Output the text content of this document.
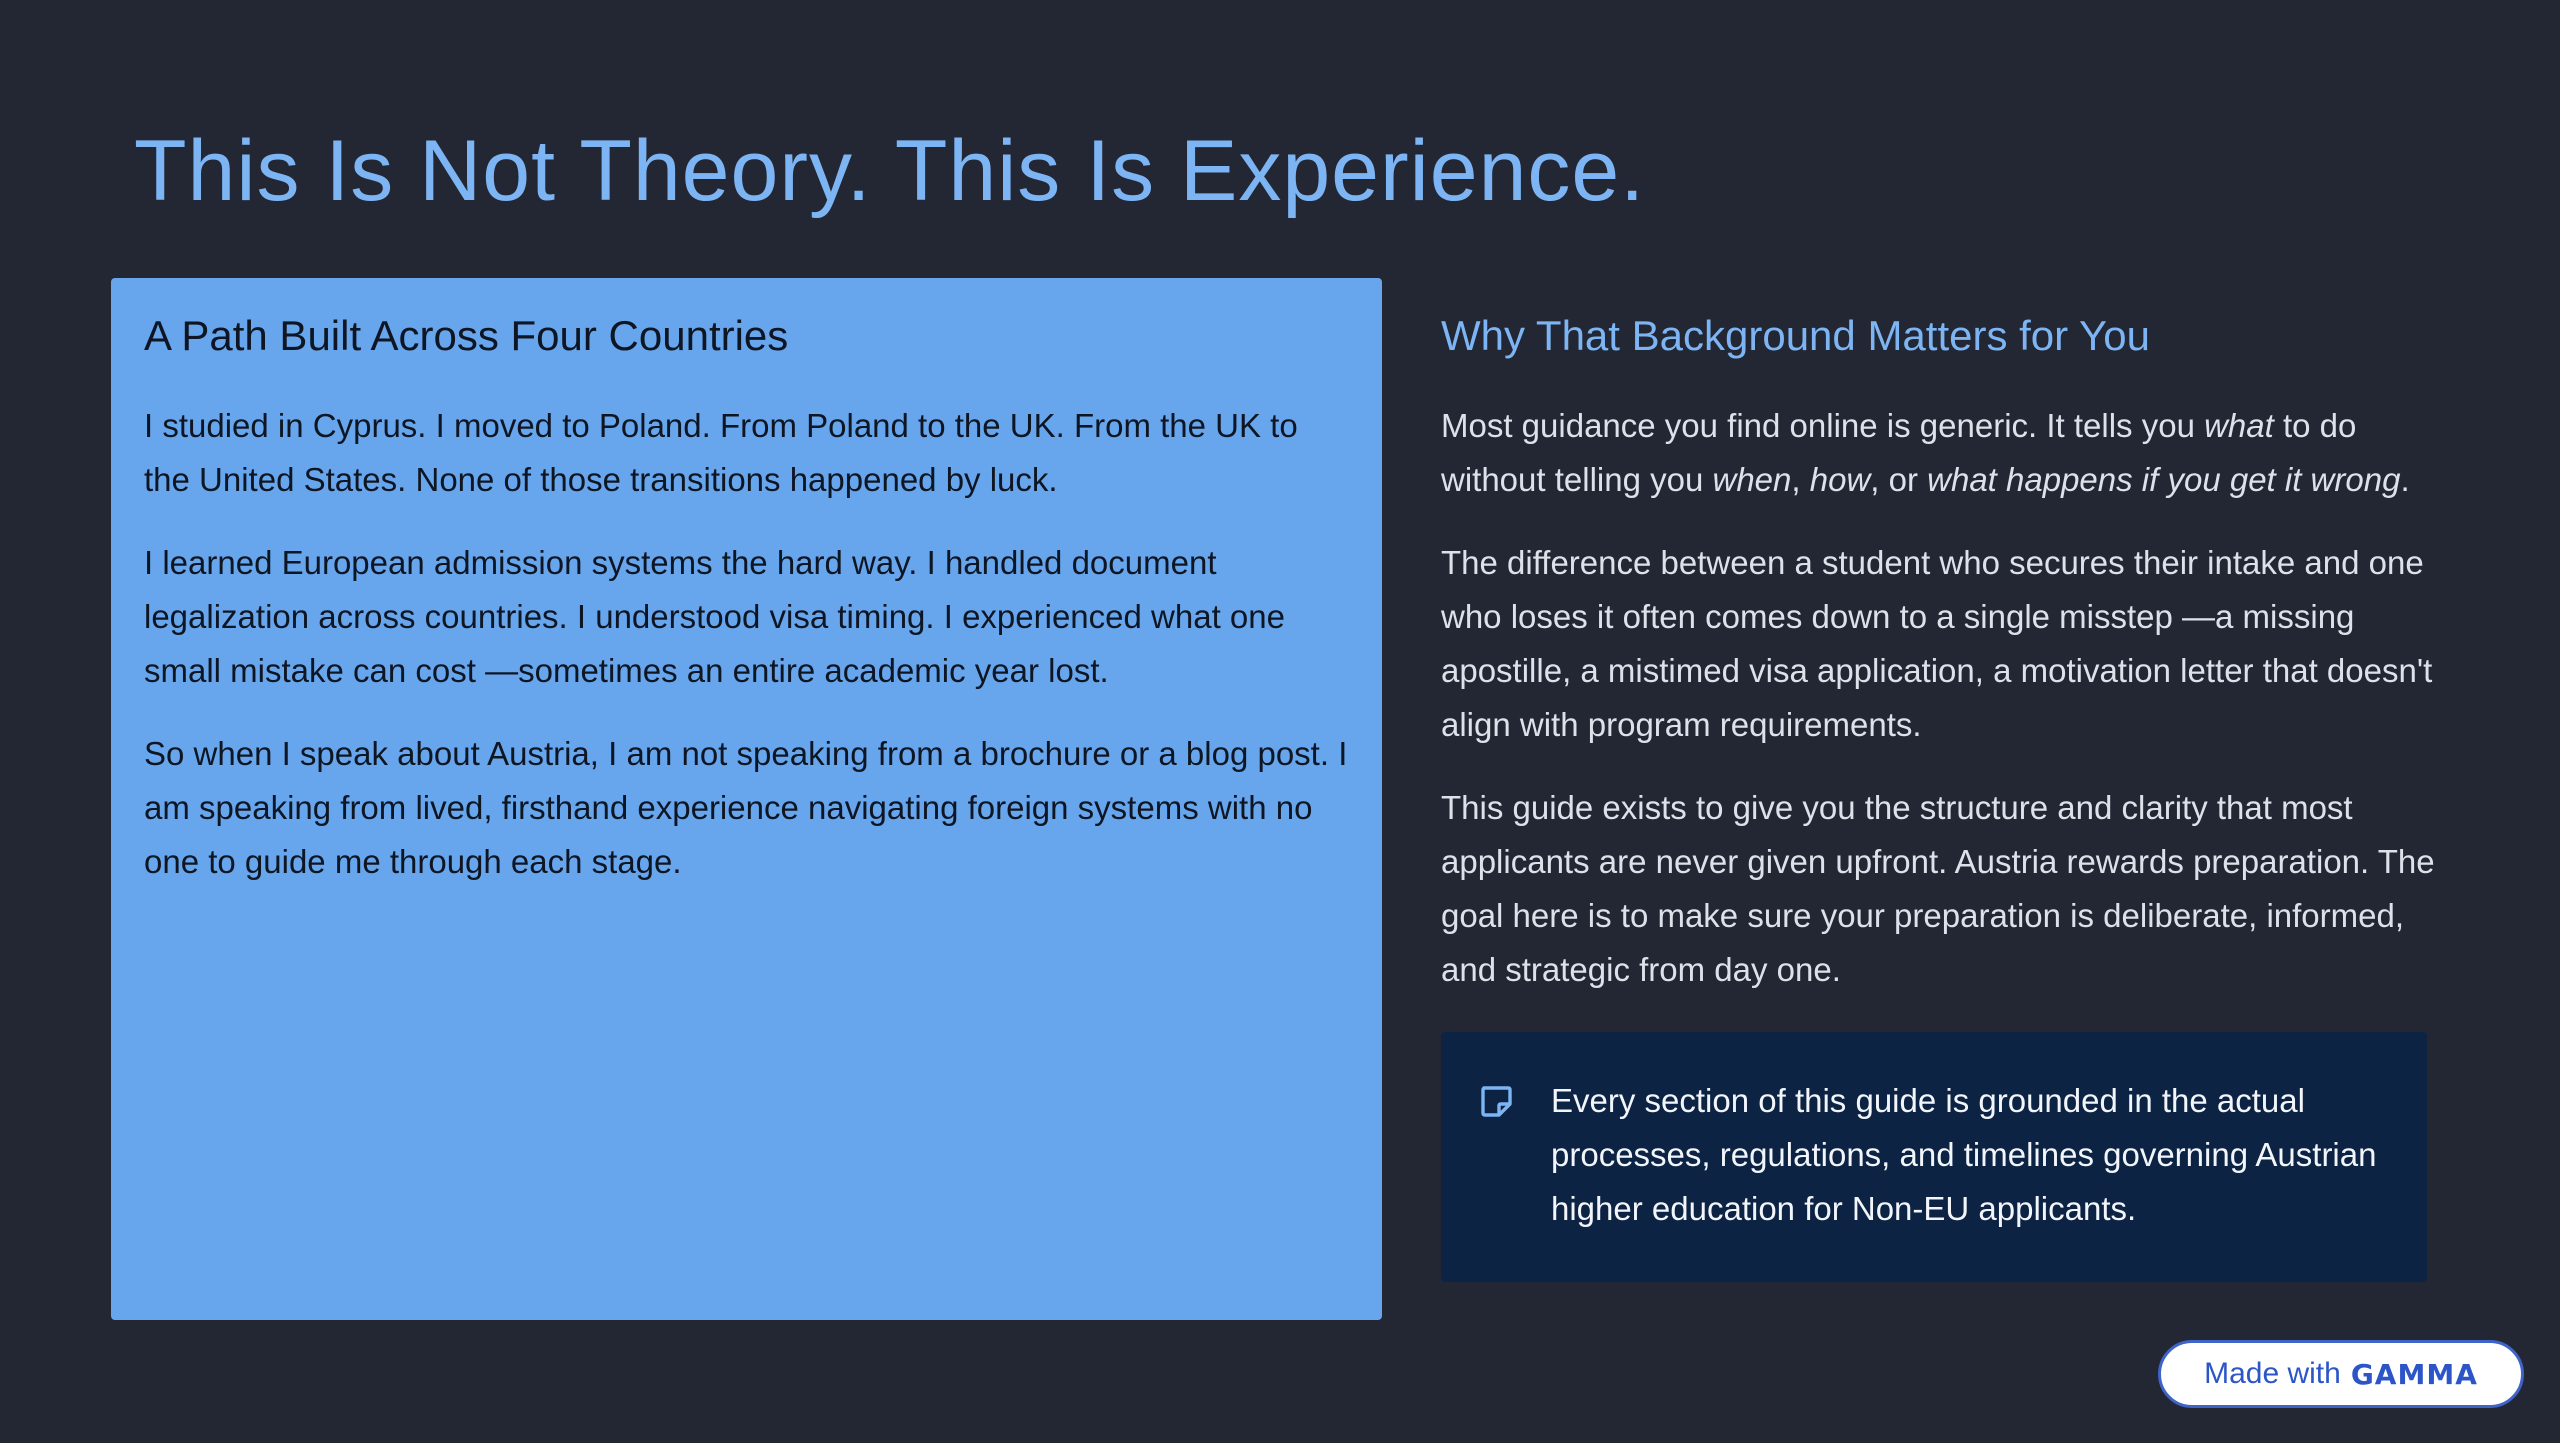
This Is Not Theory. This Is Experience.
A Path Built Across Four Countries

I studied in Cyprus. I moved to Poland. From Poland to the UK. From the UK to the United States. None of those transitions happened by luck.

I learned European admission systems the hard way. I handled document legalization across countries. I understood visa timing. I experienced what one small mistake can cost —sometimes an entire academic year lost.

So when I speak about Austria, I am not speaking from a brochure or a blog post. I am speaking from lived, firsthand experience navigating foreign systems with no one to guide me through each stage.

Why That Background Matters for You

Most guidance you find online is generic. It tells you what to do without telling you when, how, or what happens if you get it wrong.

The difference between a student who secures their intake and one who loses it often comes down to a single misstep —a missing apostille, a mistimed visa application, a motivation letter that doesn't align with program requirements.

This guide exists to give you the structure and clarity that most applicants are never given upfront. Austria rewards preparation. The goal here is to make sure your preparation is deliberate, informed, and strategic from day one.

Every section of this guide is grounded in the actual processes, regulations, and timelines governing Austrian higher education for Non-EU applicants.

Made with GAMMA
